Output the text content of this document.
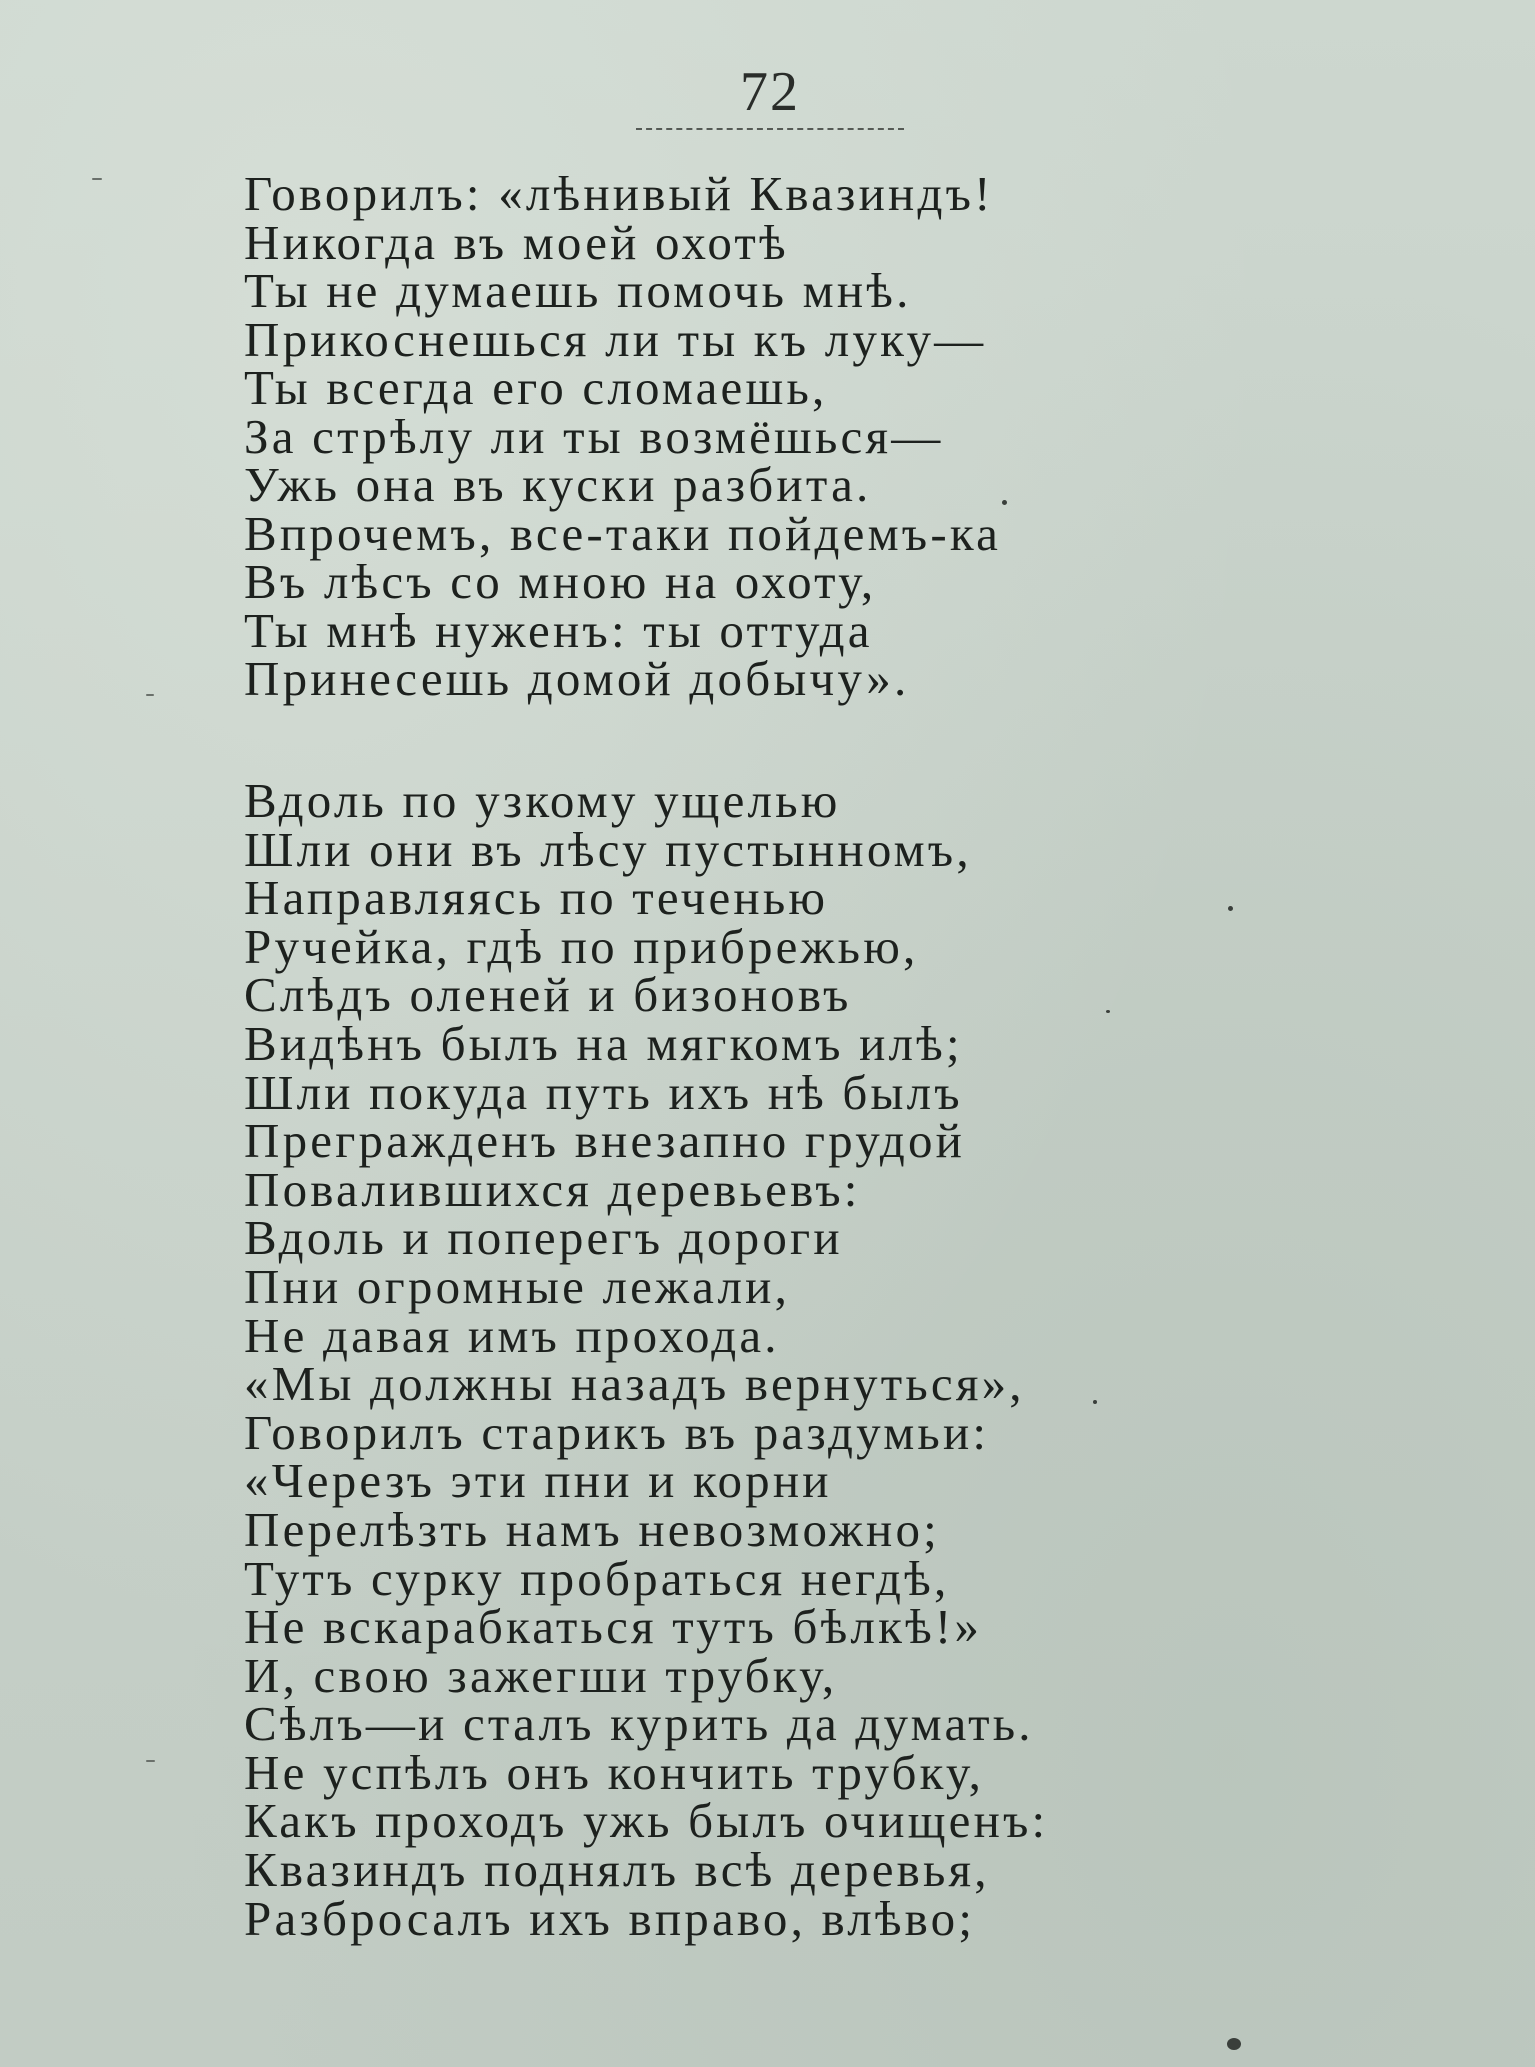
72
Говорилъ: «лѣнивый Квазиндъ!
Никогда въ моей охотѣ
Ты не думаешь помочь мнѣ.
Прикоснешься ли ты къ луку—
Ты всегда его сломаешь,
За стрѣлу ли ты возмёшься—
Ужь она въ куски разбита.
Впрочемъ, все-таки пойдемъ-ка
Въ лѣсъ со мною на охоту,
Ты мнѣ нуженъ: ты оттуда
Принесешь домой добычу».
Вдоль по узкому ущелью
Шли они въ лѣсу пустынномъ,
Направляясь по теченью
Ручейка, гдѣ по прибрежью,
Слѣдъ оленей и бизоновъ
Видѣнъ былъ на мягкомъ илѣ;
Шли покуда путь ихъ нѣ былъ
Прегражденъ внезапно грудой
Повалившихся деревьевъ:
Вдоль и поперегъ дороги
Пни огромные лежали,
Не давая имъ прохода.
«Мы должны назадъ вернуться»,
Говорилъ старикъ въ раздумьи:
«Черезъ эти пни и корни
Перелѣзть намъ невозможно;
Тутъ сурку пробраться негдѣ,
Не вскарабкаться тутъ бѣлкѣ!»
И, свою зажегши трубку,
Сѣлъ—и сталъ курить да думать.
Не успѣлъ онъ кончить трубку,
Какъ проходъ ужь былъ очищенъ:
Квазиндъ поднялъ всѣ деревья,
Разбросалъ ихъ вправо, влѣво;
